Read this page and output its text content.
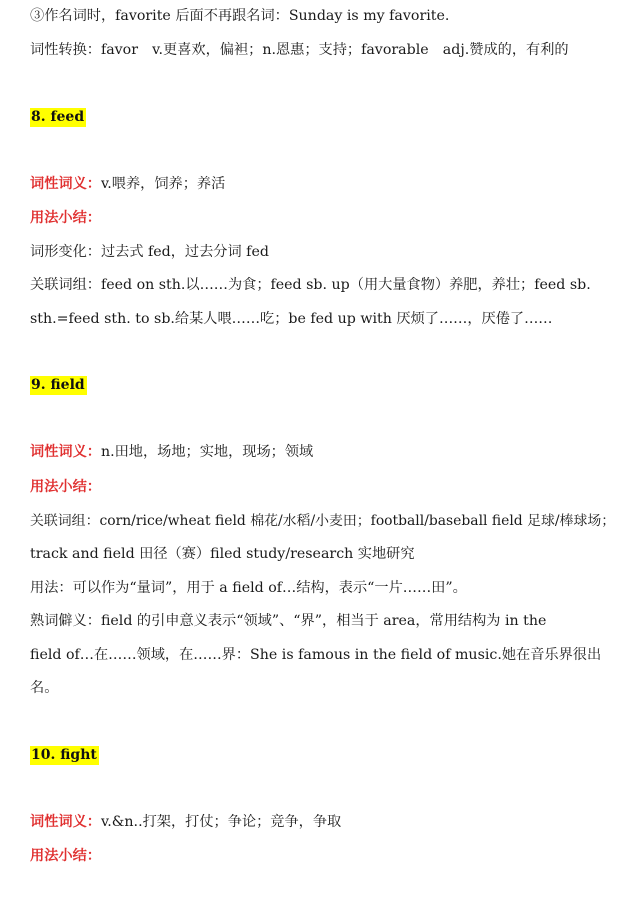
③作名词时，favorite 后面不再跟名词：Sunday is my favorite.
词性转换：favor　v.更喜欢，偏袒；n.恩惠；支持；favorable　adj.赞成的，有利的
8. feed
词性词义：v.喂养，饲养；养活
用法小结：
词形变化：过去式 fed，过去分词 fed
关联词组：feed on sth.以……为食；feed sb. up（用大量食物）养肥，养壮；feed sb.
sth.=feed sth. to sb.给某人喂……吃；be fed up with 厌烦了……，厌倦了……
9. field
词性词义：n.田地，场地；实地，现场；领域
用法小结：
关联词组：corn/rice/wheat field 棉花/水稻/小麦田；football/baseball field 足球/棒球场；
track and field 田径（赛）filed study/research 实地研究
用法：可以作为“量词”，用于 a field of…结构，表示“一片……田”。
熟词僻义：field 的引申意义表示“领域”、“界”，相当于 area，常用结构为 in the
field of…在……领域，在……界：She is famous in the field of music.她在音乐界很出
名。
10. fight
词性词义：v.&n..打架，打仗；争论；竞争，争取
用法小结：
